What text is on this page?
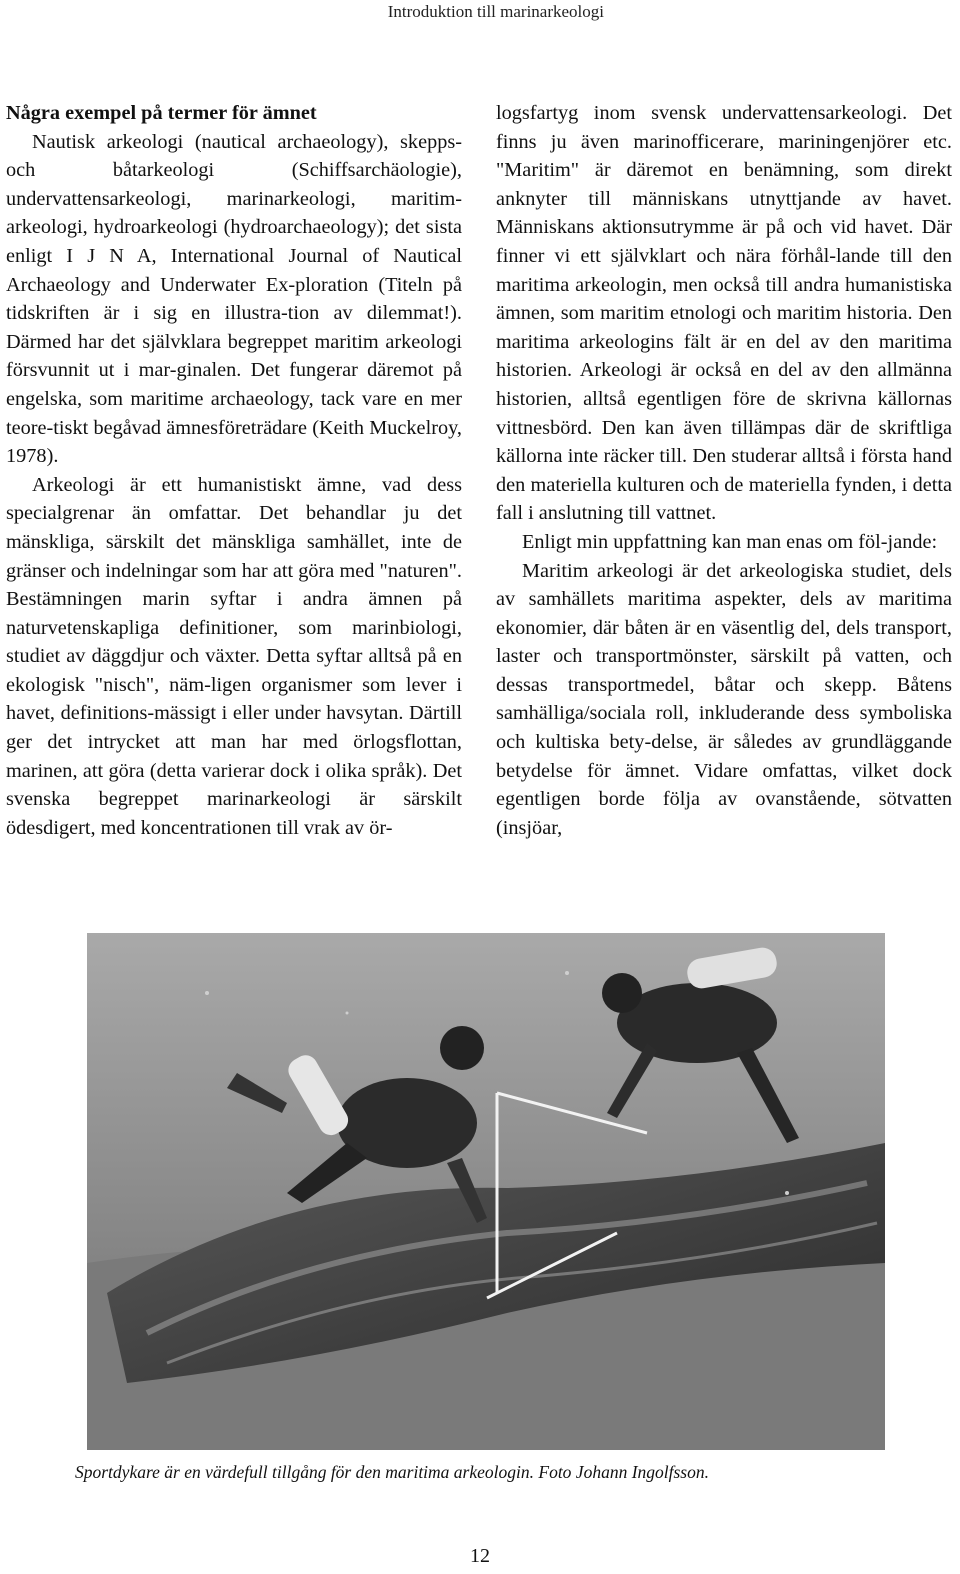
Introduktion till marinarkeologi
Några exempel på termer för ämnet

Nautisk arkeologi (nautical archaeology), skepps- och båtarkeologi (Schiffsarchäologie), undervattensarkeologi, marinarkeologi, maritim-arkeologi, hydroarkeologi (hydroarchaeology); det sista enligt I J N A, International Journal of Nautical Archaeology and Underwater Ex-ploration (Titeln på tidskriften är i sig en illustra-tion av dilemmat!). Därmed har det självklara begreppet maritim arkeologi försvunnit ut i mar-ginalen. Det fungerar däremot på engelska, som maritime archaeology, tack vare en mer teore-tiskt begåvad ämnesföreträdare (Keith Muckelroy, 1978).

Arkeologi är ett humanistiskt ämne, vad dess specialgrenar än omfattar. Det behandlar ju det mänskliga, särskilt det mänskliga samhället, inte de gränser och indelningar som har att göra med "naturen". Bestämningen marin syftar i andra ämnen på naturvetenskapliga definitioner, som marinbiologi, studiet av däggdjur och växter. Detta syftar alltså på en ekologisk "nisch", näm-ligen organismer som lever i havet, definitions-mässigt i eller under havsytan. Därtill ger det intrycket att man har med örlogsflottan, marinen, att göra (detta varierar dock i olika språk). Det svenska begreppet marinarkeologi är särskilt ödesdigert, med koncentrationen till vrak av ör-

logsfartyg inom svensk undervattensarkeologi. Det finns ju även marinofficerare, mariningenjörer etc. "Maritim" är däremot en benämning, som direkt anknyter till människans utnyttjande av havet. Människans aktionsutrymme är på och vid havet. Där finner vi ett självklart och nära förhål-lande till den maritima arkeologin, men också till andra humanistiska ämnen, som maritim etnologi och maritim historia. Den maritima arkeologins fält är en del av den maritima historien. Arkeologi är också en del av den allmänna historien, alltså egentligen före de skrivna källornas vittnesbörd. Den kan även tillämpas där de skriftliga källorna inte räcker till. Den studerar alltså i första hand den materiella kulturen och de materiella fynden, i detta fall i anslutning till vattnet.

Enligt min uppfattning kan man enas om föl-jande:

Maritim arkeologi är det arkeologiska studiet, dels av samhällets maritima aspekter, dels av maritima ekonomier, där båten är en väsentlig del, dels transport, laster och transportmönster, särskilt på vatten, och dessas transportmedel, båtar och skepp. Båtens samhälliga/sociala roll, inkluderande dess symboliska och kultiska bety-delse, är således av grundläggande betydelse för ämnet. Vidare omfattas, vilket dock egentligen borde följa av ovanstående, sötvatten (insjöar,

Sportdykare är en värdefull tillgång för den maritima arkeologin. Foto Johann Ingolfsson.
12
